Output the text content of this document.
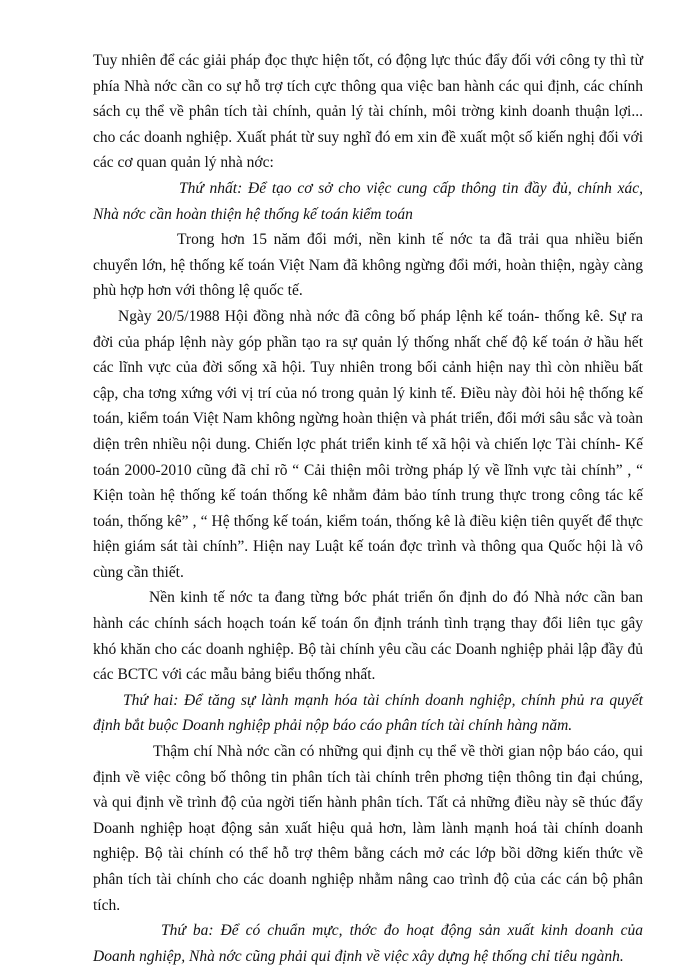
Tuy nhiên để các giải pháp đọc thực hiện tốt, có động lực thúc đẩy đối với công ty thì từ phía Nhà nớc cần co sự hỗ trợ tích cực thông qua việc ban hành các qui định, các chính sách cụ thể về phân tích tài chính, quản lý tài chính, môi trờng kinh doanh thuận lợi... cho các doanh nghiệp. Xuất phát từ suy nghĩ đó em xin đề xuất một số kiến nghị đối với các cơ quan quản lý nhà nớc:

Thứ nhất: Để tạo cơ sở cho việc cung cấp thông tin đầy đủ, chính xác, Nhà nớc cần hoàn thiện hệ thống kế toán kiểm toán

Trong hơn 15 năm đổi mới, nền kinh tế nớc ta đã trải qua nhiều biến chuyển lớn, hệ thống kế toán Việt Nam đã không ngừng đổi mới, hoàn thiện, ngày càng phù hợp hơn với thông lệ quốc tế.

Ngày 20/5/1988 Hội đồng nhà nớc đã công bố pháp lệnh kế toán- thống kê. Sự ra đời của pháp lệnh này góp phần tạo ra sự quản lý thống nhất chế độ kế toán ở hầu hết các lĩnh vực của đời sống xã hội. Tuy nhiên trong bối cảnh hiện nay thì còn nhiều bất cập, cha tơng xứng với vị trí của nó trong quản lý kinh tế. Điều này đòi hỏi hệ thống kế toán, kiểm toán Việt Nam không ngừng hoàn thiện và phát triển, đổi mới sâu sắc và toàn diện trên nhiều nội dung. Chiến lợc phát triển kinh tế xã hội và chiến lợc Tài chính- Kế toán 2000-2010 cũng đã chỉ rõ “ Cải thiện môi trờng pháp lý về lĩnh vực tài chính” , “ Kiện toàn hệ thống kế toán thống kê nhằm đảm bảo tính trung thực trong công tác kế toán, thống kê” , “ Hệ thống kế toán, kiểm toán, thống kê là điều kiện tiên quyết để thực hiện giám sát tài chính”. Hiện nay Luật kế toán đợc trình và thông qua Quốc hội là vô cùng cần thiết.

Nền kinh tế nớc ta đang từng bớc phát triển ổn định do đó Nhà nớc cần ban hành các chính sách hoạch toán kế toán ổn định tránh tình trạng thay đổi liên tục gây khó khăn cho các doanh nghiệp. Bộ tài chính yêu cầu các Doanh nghiệp phải lập đầy đủ các BCTC với các mẫu bảng biểu thống nhất.

Thứ hai: Để tăng sự lành mạnh hóa tài chính doanh nghiệp, chính phủ ra quyết định bắt buộc Doanh nghiệp phải nộp báo cáo phân tích tài chính hàng năm.

Thậm chí Nhà nớc cần có những qui định cụ thể về thời gian nộp báo cáo, qui định về việc công bố thông tin phân tích tài chính trên phơng tiện thông tin đại chúng, và qui định về trình độ của ngời tiến hành phân tích. Tất cả những điều này sẽ thúc đẩy Doanh nghiệp hoạt động sản xuất hiệu quả hơn, làm lành mạnh hoá tài chính doanh nghiệp. Bộ tài chính có thể hỗ trợ thêm bằng cách mở các lớp bồi dỡng kiến thức về phân tích tài chính cho các doanh nghiệp nhằm nâng cao trình độ của các cán bộ phân tích.

Thứ ba: Để có chuẩn mực, thớc đo hoạt động sản xuất kinh doanh của Doanh nghiệp, Nhà nớc cũng phải qui định về việc xây dựng hệ thống chỉ tiêu ngành.
